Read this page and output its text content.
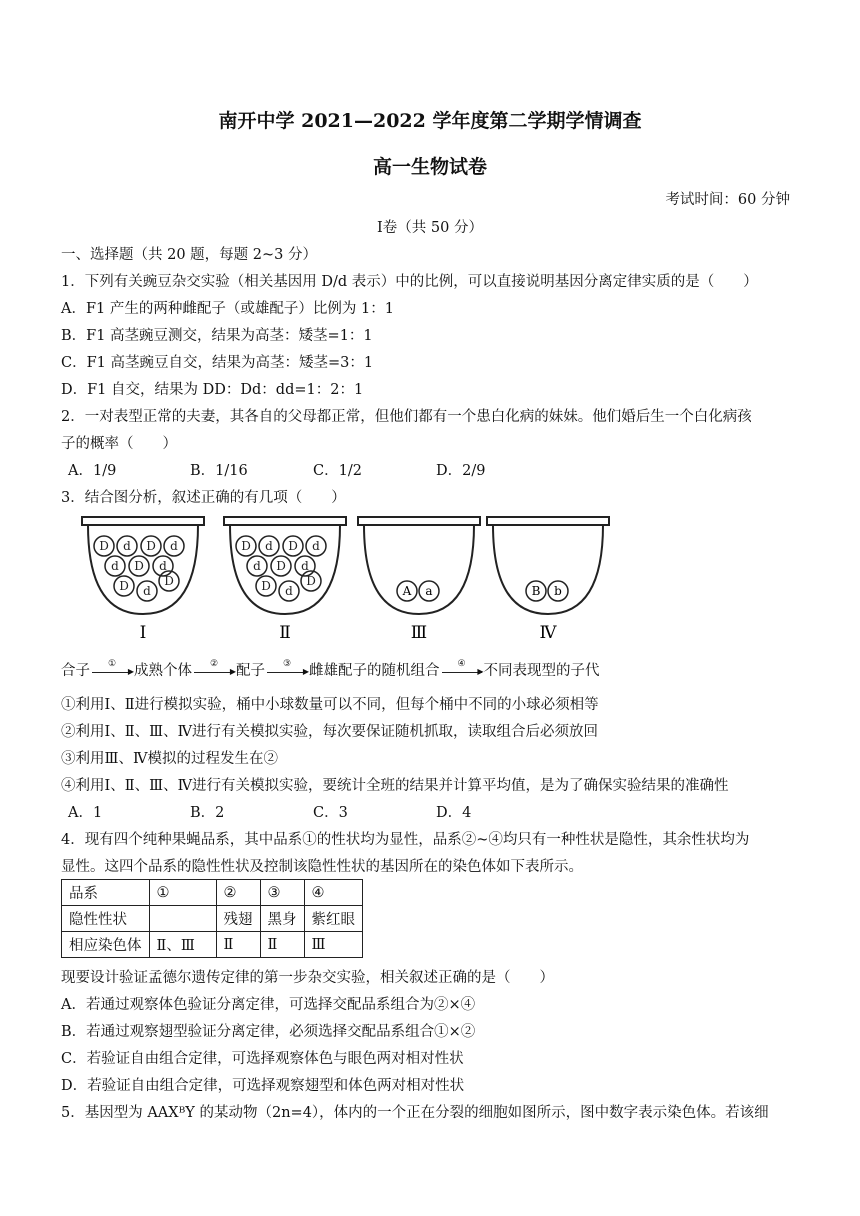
南开中学 2021—2022 学年度第二学期学情调查
高一生物试卷
考试时间：60 分钟
Ⅰ卷（共 50 分）
一、选择题（共 20 题，每题 2~3 分）
1．下列有关豌豆杂交实验（相关基因用 D/d 表示）中的比例，可以直接说明基因分离定律实质的是（　　）
A．F1 产生的两种雌配子（或雄配子）比例为 1：1
B．F1 高茎豌豆测交，结果为高茎：矮茎=1：1
C．F1 高茎豌豆自交，结果为高茎：矮茎=3：1
D．F1 自交，结果为 DD：Dd：dd=1：2：1
2．一对表型正常的夫妻，其各自的父母都正常，但他们都有一个患白化病的妹妹。他们婚后生一个白化病孩
子的概率（　　）
A．1/9	B．1/16	C．1/2	D．2/9
3．结合图分析，叙述正确的有几项（　　）
D d D d
d D d
D
D d
D d D d
d D d
D
D d	A a	B b
Ⅰ	Ⅱ	Ⅲ	Ⅳ
合子	①
▶ 成熟个体	②
▶ 配子	③
▶ 雌雄配子的随机组合	④
▶ 不同表现型的子代
①利用Ⅰ、Ⅱ进行模拟实验，桶中小球数量可以不同，但每个桶中不同的小球必须相等
②利用Ⅰ、Ⅱ、Ⅲ、Ⅳ进行有关模拟实验，每次要保证随机抓取，读取组合后必须放回
③利用Ⅲ、Ⅳ模拟的过程发生在②
④利用Ⅰ、Ⅱ、Ⅲ、Ⅳ进行有关模拟实验，要统计全班的结果并计算平均值，是为了确保实验结果的准确性
A．1	B．2	C．3	D．4
4．现有四个纯种果蝇品系，其中品系①的性状均为显性，品系②~④均只有一种性状是隐性，其余性状均为
显性。这四个品系的隐性性状及控制该隐性性状的基因所在的染色体如下表所示。
品系	①	②	③	④
隐性性状		残翅	黑身	紫红眼
相应染色体	Ⅱ、Ⅲ	Ⅱ	Ⅱ	Ⅲ
现要设计验证孟德尔遗传定律的第一步杂交实验，相关叙述正确的是（　　）
A．若通过观察体色验证分离定律，可选择交配品系组合为②×④
B．若通过观察翅型验证分离定律，必须选择交配品系组合①×②
C．若验证自由组合定律，可选择观察体色与眼色两对相对性状
D．若验证自由组合定律，可选择观察翅型和体色两对相对性状
5．基因型为 AAXᴮY 的某动物（2n=4），体内的一个正在分裂的细胞如图所示，图中数字表示染色体。若该细
